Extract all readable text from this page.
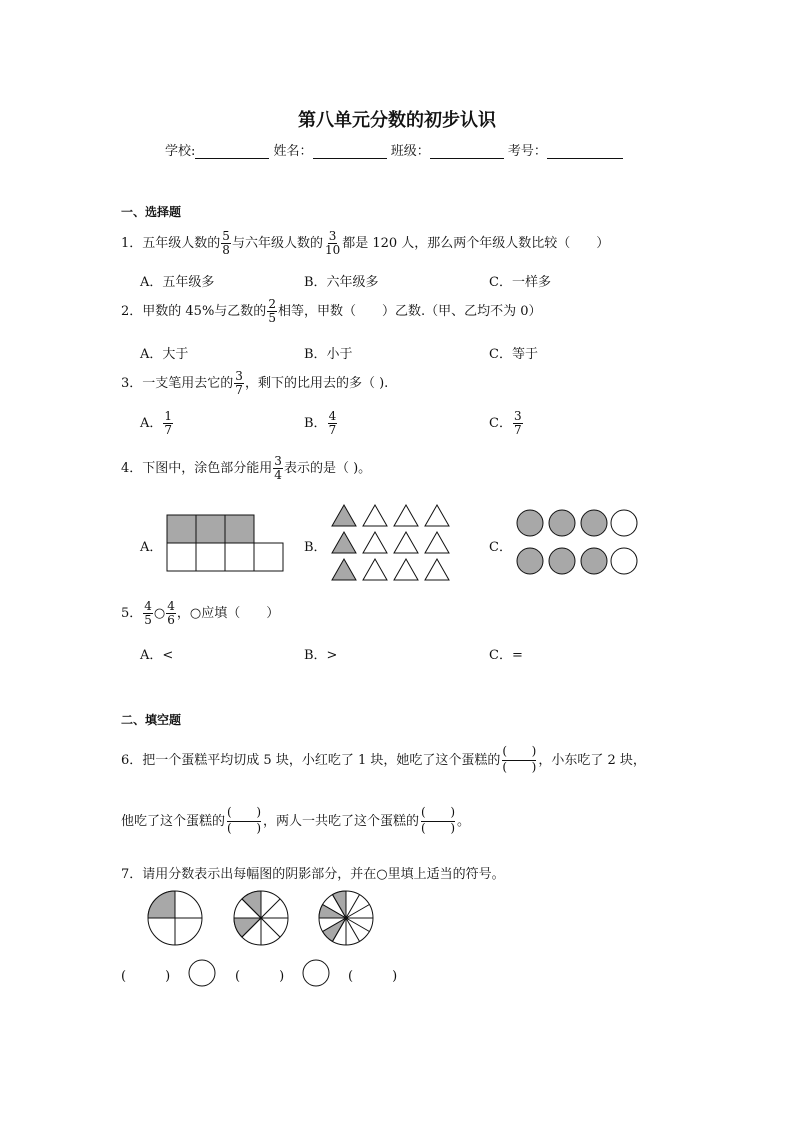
第八单元分数的初步认识
学校:	姓名：	班级：	考号：
一、选择题
1．五年级人数的 $\frac{5}{8}$ 与六年级人数的 $\frac{3}{10}$ 都是 120 人，那么两个年级人数比较（　　）
A．五年级多	B．六年级多	C．一样多
2．甲数的 45%与乙数的 $\frac{2}{5}$ 相等，甲数（　　）乙数.（甲、乙均不为 0）
A．大于	B．小于	C．等于
3．一支笔用去它的 $\frac{3}{7}$ ，剩下的比用去的多（ ).
A． $\frac{1}{7}$	B． $\frac{4}{7}$	C． $\frac{3}{7}$
4．下图中，涂色部分能用 $\frac{3}{4}$ 表示的是（ )。
A．	B．	C．
5． $\frac{4}{5}$ ○ $\frac{4}{6}$ ，○应填（　　）
A．<	B．>	C．=
二、填空题
6．把一个蛋糕平均切成 5 块，小红吃了 1 块，她吃了这个蛋糕的 ( )
( )	，小东吃了 2 块，
他吃了这个蛋糕的 ( )
( )	，两人一共吃了这个蛋糕的 ( )
( )	。
7．请用分数表示出每幅图的阴影部分，并在○里填上适当的符号。
(　　　)	(　　　)	(　　　)
